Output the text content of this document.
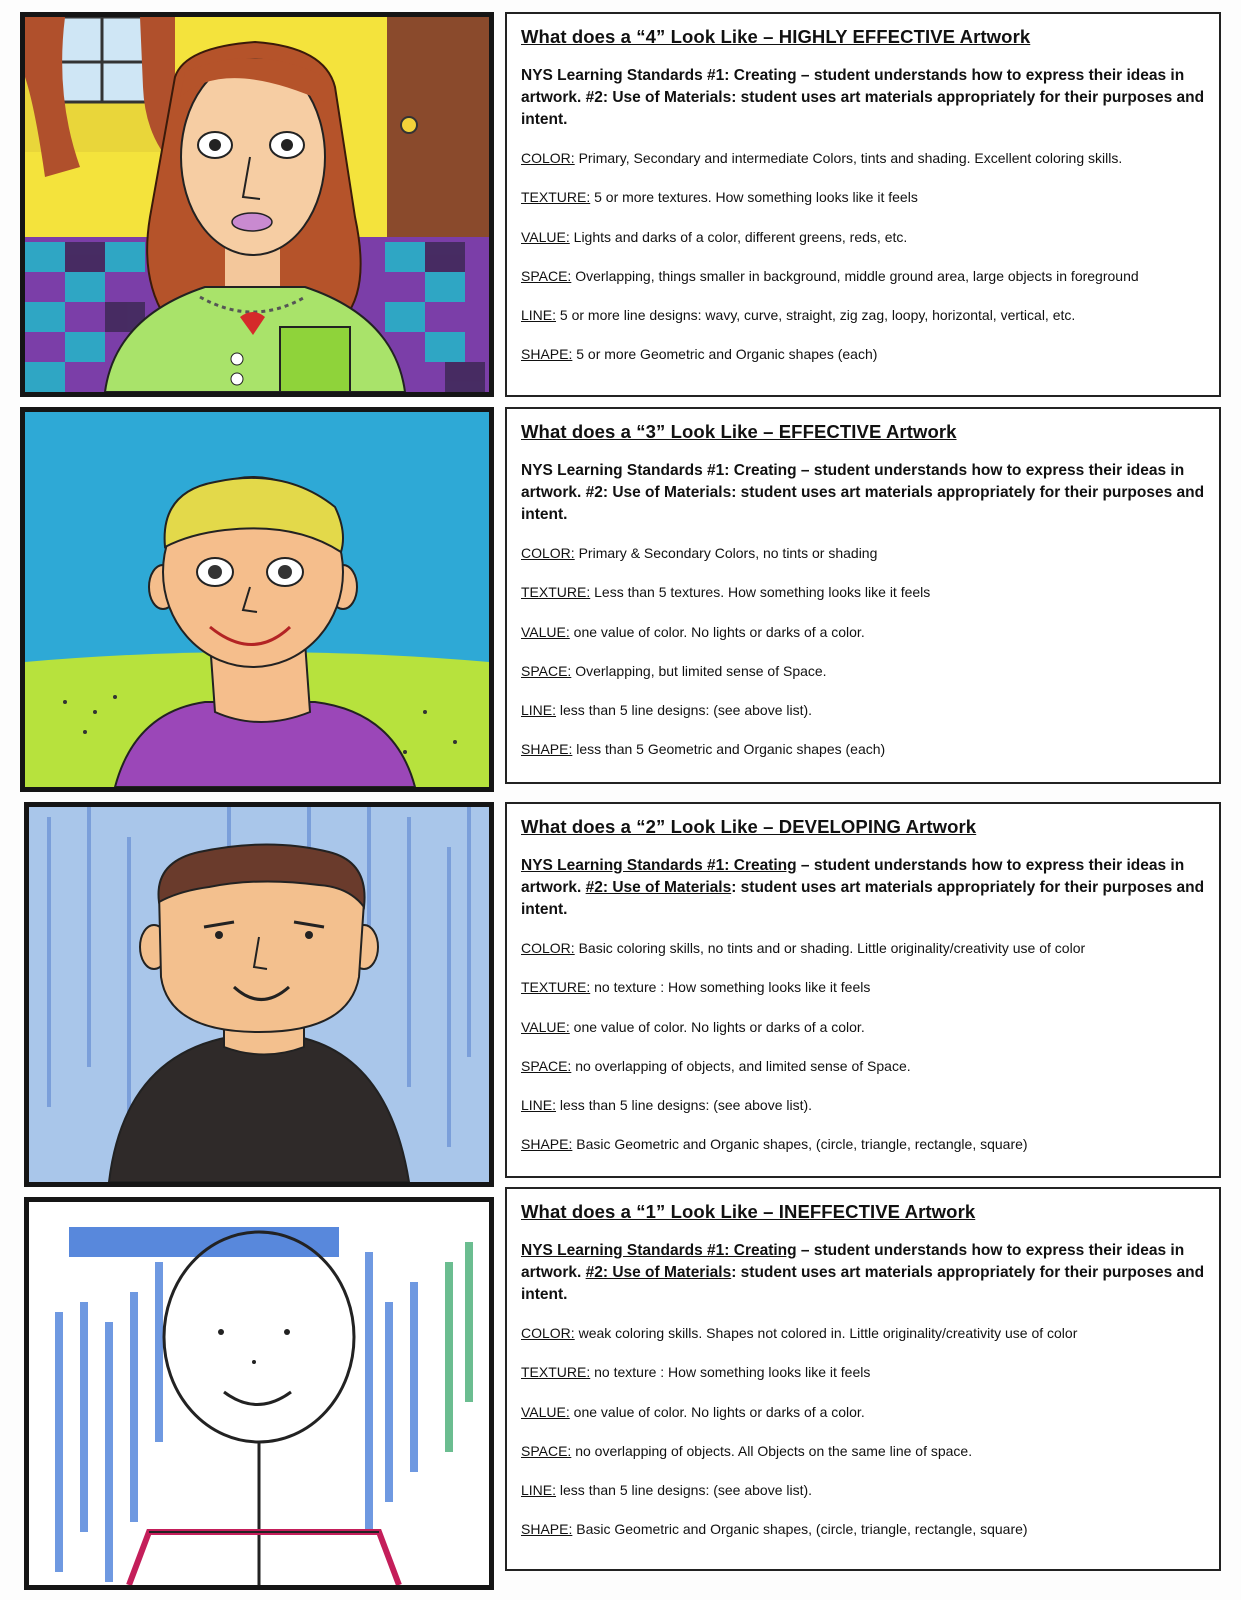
What does a “4” Look Like – HIGHLY EFFECTIVE Artwork

NYS Learning Standards #1: Creating – student understands how to express their ideas in artwork. #2: Use of Materials: student uses art materials appropriately for their purposes and intent.

COLOR: Primary, Secondary and intermediate Colors, tints and shading. Excellent coloring skills.

TEXTURE: 5 or more textures. How something looks like it feels

VALUE: Lights and darks of a color, different greens, reds, etc.

SPACE: Overlapping, things smaller in background, middle ground area, large objects in foreground

LINE: 5 or more line designs: wavy, curve, straight, zig zag, loopy, horizontal, vertical, etc.

SHAPE: 5 or more Geometric and Organic shapes (each)

What does a “3” Look Like – EFFECTIVE Artwork

NYS Learning Standards #1: Creating – student understands how to express their ideas in artwork. #2: Use of Materials: student uses art materials appropriately for their purposes and intent.

COLOR: Primary & Secondary Colors, no tints or shading

TEXTURE: Less than 5 textures. How something looks like it feels

VALUE: one value of color. No lights or darks of a color.

SPACE: Overlapping, but limited sense of Space.

LINE: less than 5 line designs: (see above list).

SHAPE: less than 5 Geometric and Organic shapes (each)

What does a “2” Look Like – DEVELOPING Artwork

NYS Learning Standards #1: Creating – student understands how to express their ideas in artwork. #2: Use of Materials: student uses art materials appropriately for their purposes and intent.

COLOR: Basic coloring skills, no tints and or shading. Little originality/creativity use of color

TEXTURE: no texture : How something looks like it feels

VALUE: one value of color. No lights or darks of a color.

SPACE: no overlapping of objects, and limited sense of Space.

LINE: less than 5 line designs: (see above list).

SHAPE: Basic Geometric and Organic shapes, (circle, triangle, rectangle, square)

What does a “1” Look Like – INEFFECTIVE Artwork

NYS Learning Standards #1: Creating – student understands how to express their ideas in artwork. #2: Use of Materials: student uses art materials appropriately for their purposes and intent.

COLOR: weak coloring skills. Shapes not colored in. Little originality/creativity use of color

TEXTURE: no texture : How something looks like it feels

VALUE: one value of color. No lights or darks of a color.

SPACE: no overlapping of objects. All Objects on the same line of space.

LINE: less than 5 line designs: (see above list).

SHAPE: Basic Geometric and Organic shapes, (circle, triangle, rectangle, square)
